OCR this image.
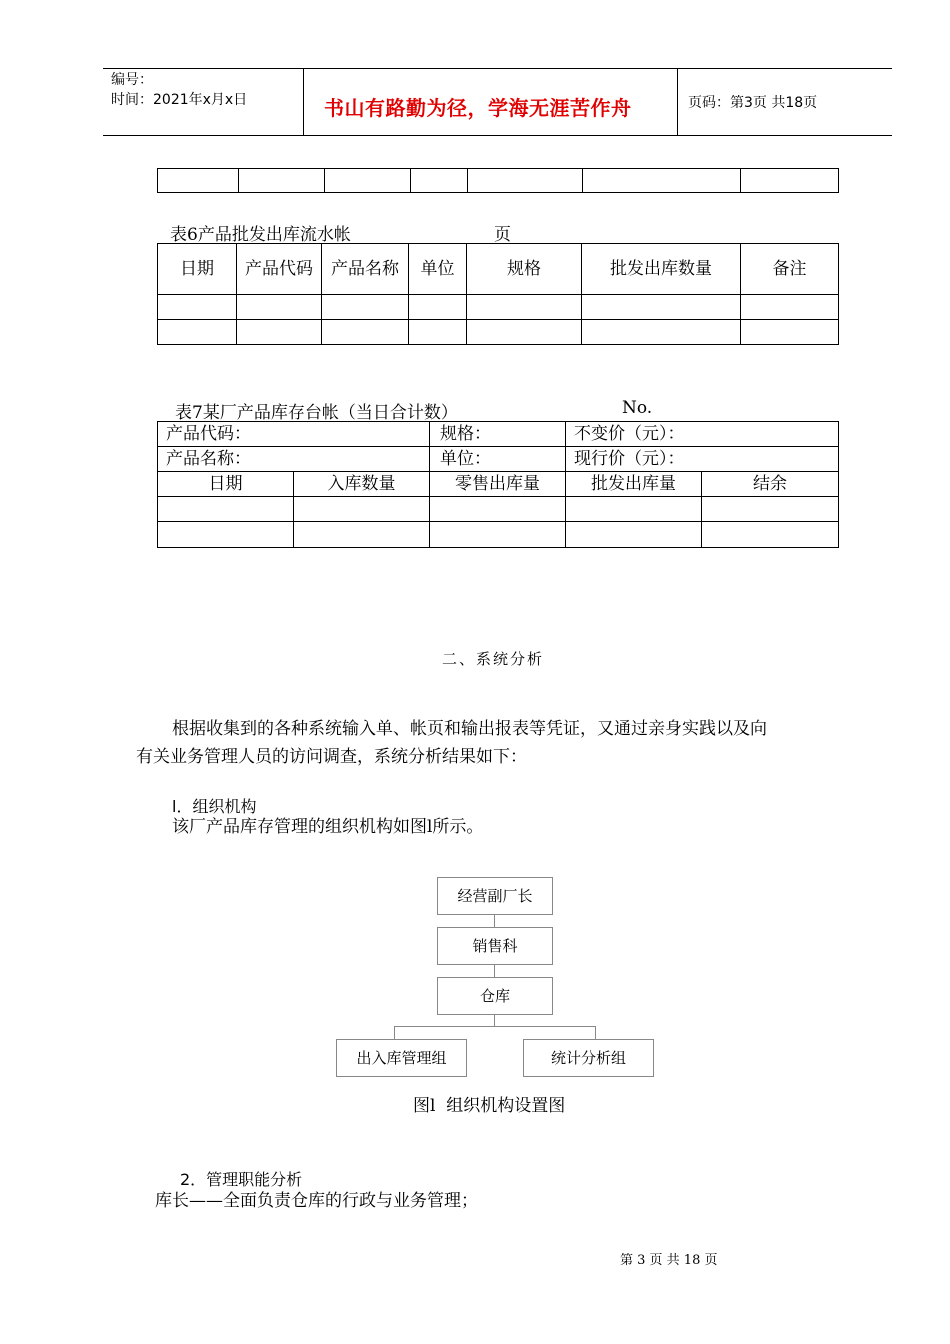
编号：
时间：2021年x月x日	书山有路勤为径，学海无涯苦作舟	页码：第3页 共18页

表6产品批发出库流水帐	页
日期	产品代码	产品名称	单位	规格	批发出库数量	备注

表7某厂产品库存台帐（当日合计数）	No.
产品代码：		规格：	不变价（元）：	
产品名称：		单位：	现行价（元）：	
日期	入库数量	零售出库量	批发出库量	结余

二、系统分析
根据收集到的各种系统输入单、帐页和输出报表等凭证，又通过亲身实践以及向
有关业务管理人员的访问调查，系统分析结果如下：
l．组织机构
该厂产品库存管理的组织机构如图l所示。
经营副厂长
销售科
仓库
出入库管理组	统计分析组
图l  组织机构设置图
2．管理职能分析
库长——全面负责仓库的行政与业务管理；
第 3 页 共 18 页
